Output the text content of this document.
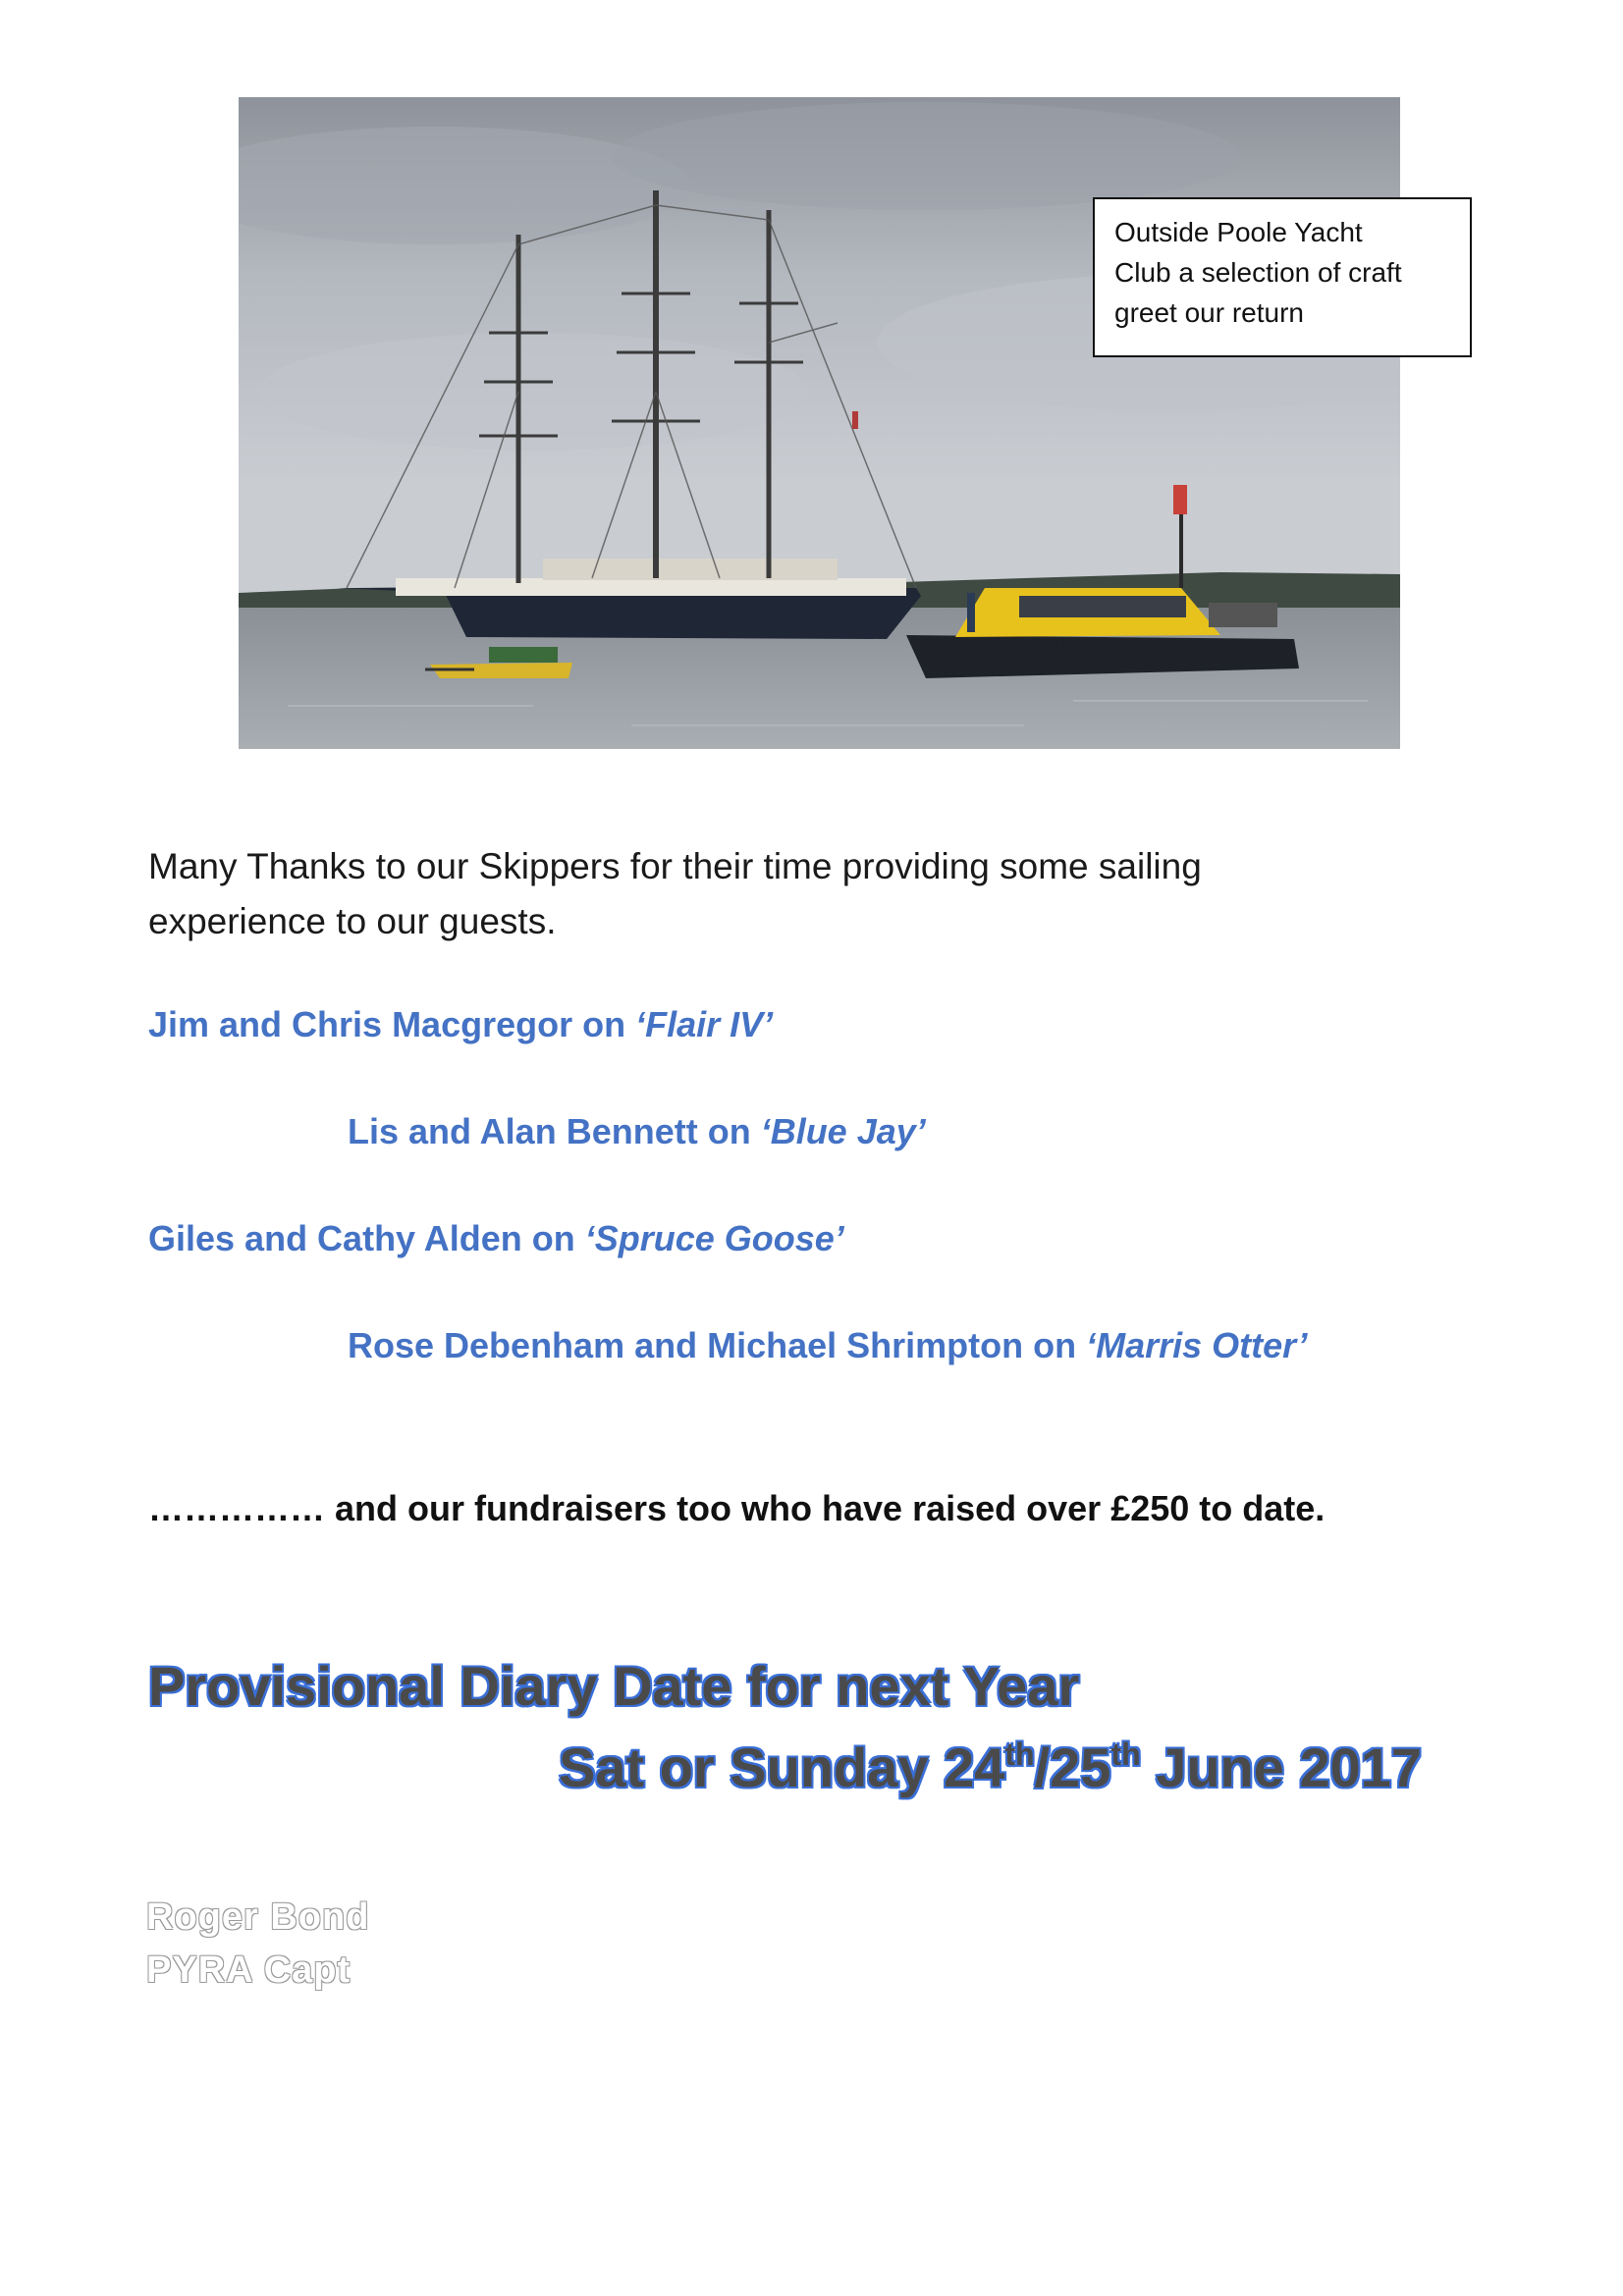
PILOTS
Outside Poole Yacht
Club a selection of craft
greet our return
Many Thanks to our Skippers for their time providing some sailing
experience to our guests.
Jim and Chris Macgregor on ‘Flair IV’
Lis and Alan Bennett on ‘Blue Jay’
Giles and Cathy Alden on ‘Spruce Goose’
Rose Debenham and Michael Shrimpton on ‘Marris Otter’
…………… and our fundraisers too who have raised over £250 to date.
Provisional Diary Date for next Year
Sat or Sunday 24th/25th June 2017
Roger Bond
PYRA Capt
